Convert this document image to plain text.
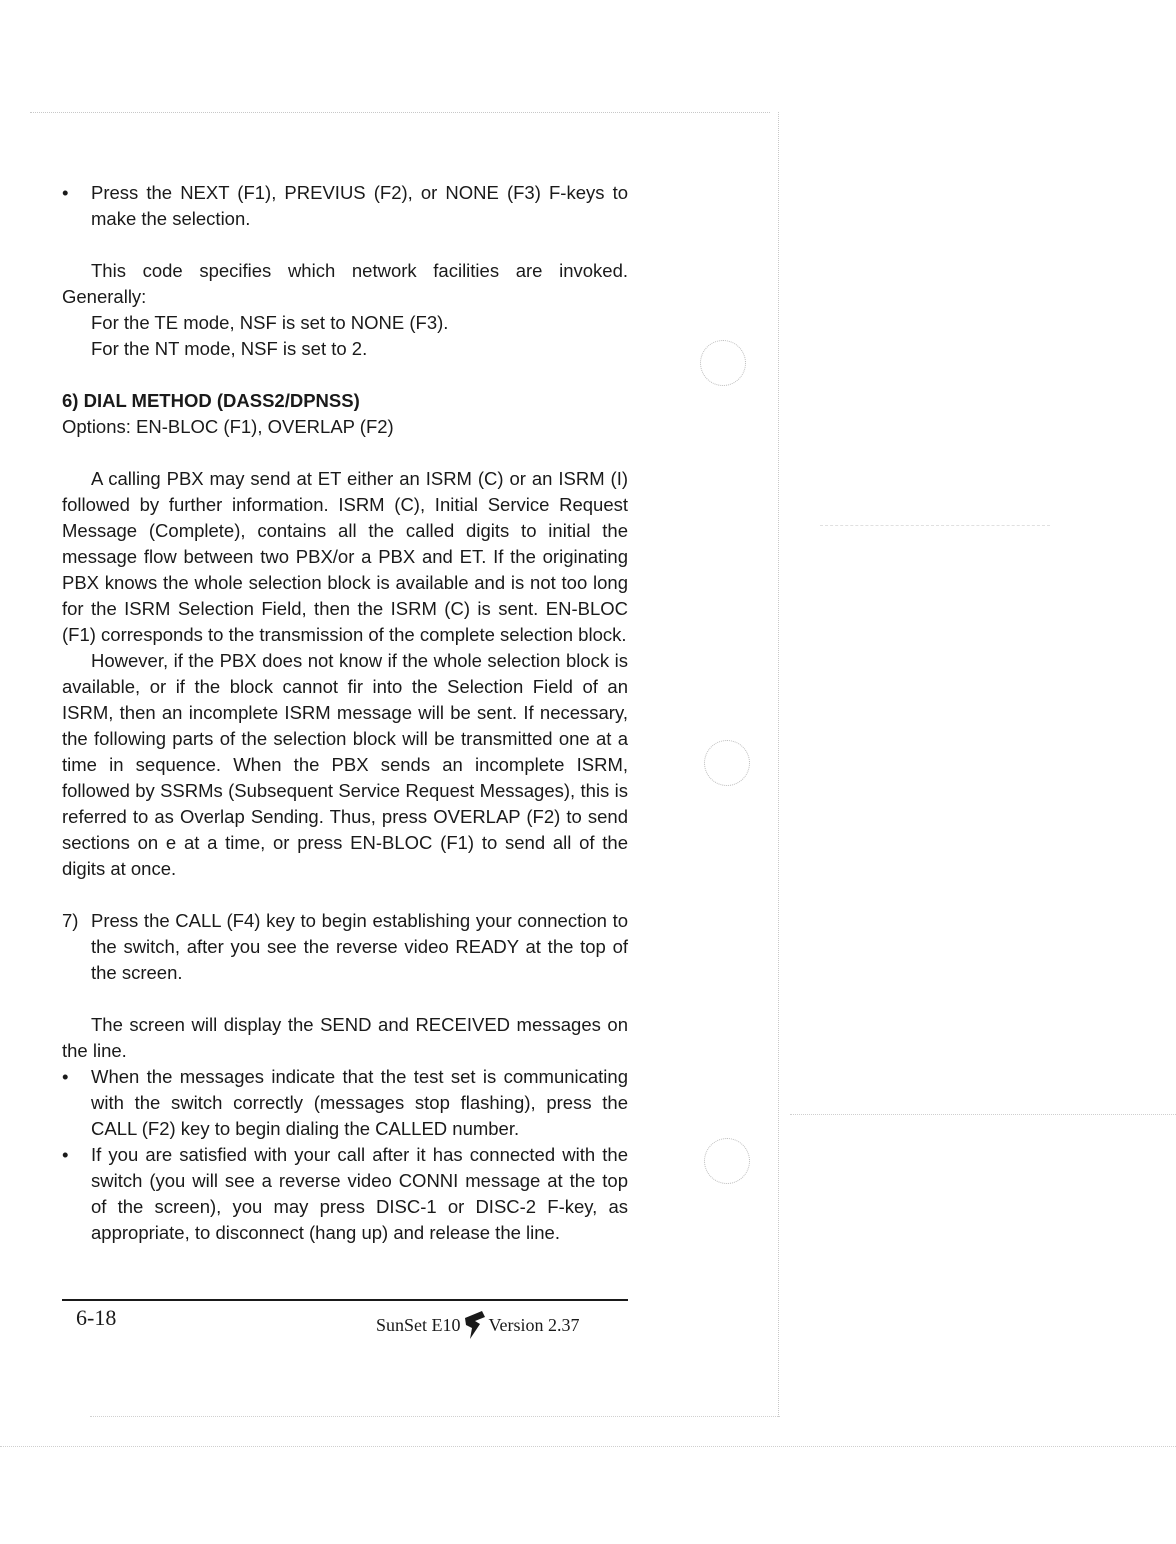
• Press the NEXT (F1), PREVIUS (F2), or NONE (F3) F-keys to make the selection.

This code specifies which network facilities are invoked. Generally:

For the TE mode, NSF is set to NONE (F3).

For the NT mode, NSF is set to 2.

6) DIAL METHOD (DASS2/DPNSS)

Options: EN-BLOC (F1), OVERLAP (F2)

A calling PBX may send at ET either an ISRM (C) or an ISRM (I) followed by further information. ISRM (C), Initial Service Request Message (Complete), contains all the called digits to initial the message flow between two PBX/or a PBX and ET. If the originating PBX knows the whole selection block is available and is not too long for the ISRM Selection Field, then the ISRM (C) is sent. EN-BLOC (F1) corresponds to the transmission of the complete selection block.

However, if the PBX does not know if the whole selection block is available, or if the block cannot fir into the Selection Field of an ISRM, then an incomplete ISRM message will be sent. If necessary, the following parts of the selection block will be transmitted one at a time in sequence. When the PBX sends an incomplete ISRM, followed by SSRMs (Subsequent Service Request Messages), this is referred to as Overlap Sending. Thus, press OVERLAP (F2) to send sections on e at a time, or press EN-BLOC (F1) to send all of the digits at once.

7) Press the CALL (F4) key to begin establishing your connection to the switch, after you see the reverse video READY at the top of the screen.

The screen will display the SEND and RECEIVED messages on the line.

• When the messages indicate that the test set is communicating with the switch correctly (messages stop flashing), press the CALL (F2) key to begin dialing the CALLED number.
• If you are satisfied with your call after it has connected with the switch (you will see a reverse video CONNI message at the top of the screen), you may press DISC-1 or DISC-2 F-key, as appropriate, to disconnect (hang up) and release the line.
6-18	SunSet E10 Version 2.37
